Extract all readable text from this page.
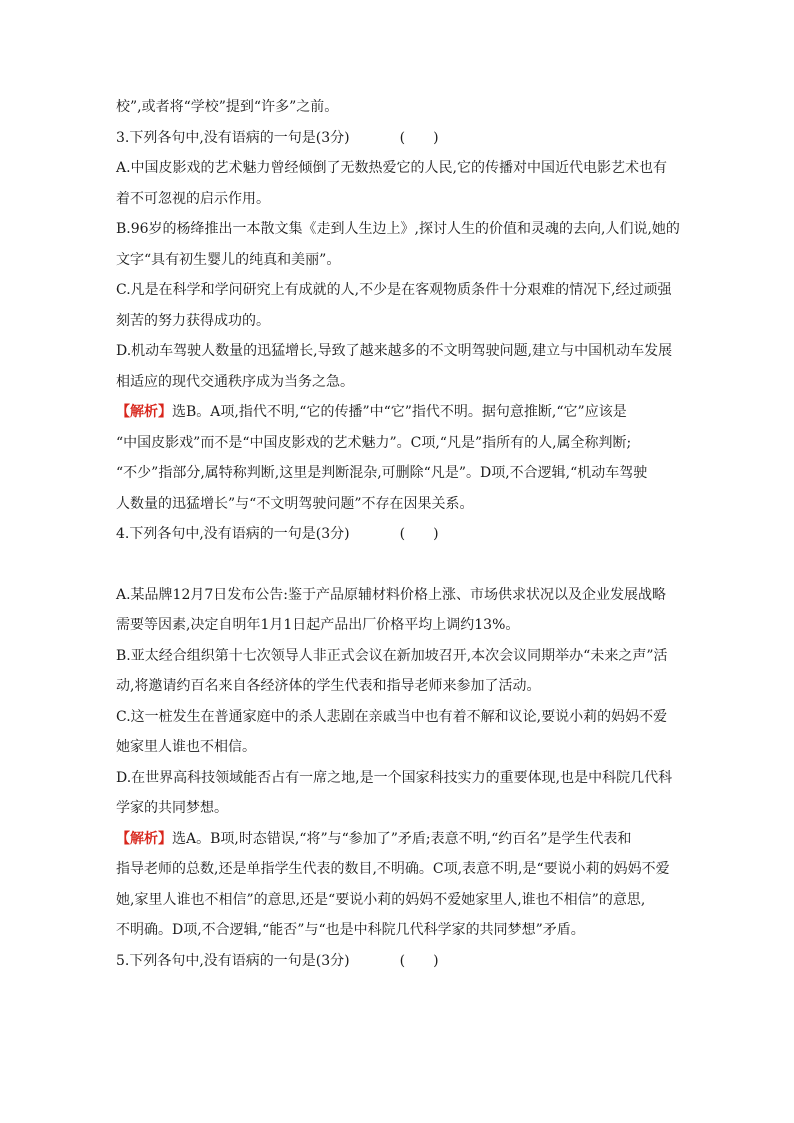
校”,或者将“学校”提到“许多”之前。
3.下列各句中,没有语病的一句是(3分)	(　　)
A.中国皮影戏的艺术魅力曾经倾倒了无数热爱它的人民,它的传播对中国近代电影艺术也有
着不可忽视的启示作用。
B.96岁的杨绛推出一本散文集《走到人生边上》,探讨人生的价值和灵魂的去向,人们说,她的
文字“具有初生婴儿的纯真和美丽”。
C.凡是在科学和学问研究上有成就的人,不少是在客观物质条件十分艰难的情况下,经过顽强
刻苦的努力获得成功的。
D.机动车驾驶人数量的迅猛增长,导致了越来越多的不文明驾驶问题,建立与中国机动车发展
相适应的现代交通秩序成为当务之急。
【解析】选B。A项,指代不明,“它的传播”中“它”指代不明。据句意推断,“它”应该是
“中国皮影戏”而不是“中国皮影戏的艺术魅力”。C项,“凡是”指所有的人,属全称判断;
“不少”指部分,属特称判断,这里是判断混杂,可删除“凡是”。D项,不合逻辑,“机动车驾驶
人数量的迅猛增长”与“不文明驾驶问题”不存在因果关系。
4.下列各句中,没有语病的一句是(3分)	(　　)
A.某品牌12月7日发布公告:鉴于产品原辅材料价格上涨、市场供求状况以及企业发展战略
需要等因素,决定自明年1月1日起产品出厂价格平均上调约13%。
B.亚太经合组织第十七次领导人非正式会议在新加坡召开,本次会议同期举办“未来之声”活
动,将邀请约百名来自各经济体的学生代表和指导老师来参加了活动。
C.这一桩发生在普通家庭中的杀人悲剧在亲戚当中也有着不解和议论,要说小莉的妈妈不爱
她家里人谁也不相信。
D.在世界高科技领域能否占有一席之地,是一个国家科技实力的重要体现,也是中科院几代科
学家的共同梦想。
【解析】选A。B项,时态错误,“将”与“参加了”矛盾;表意不明,“约百名”是学生代表和
指导老师的总数,还是单指学生代表的数目,不明确。C项,表意不明,是“要说小莉的妈妈不爱
她,家里人谁也不相信”的意思,还是“要说小莉的妈妈不爱她家里人,谁也不相信”的意思,
不明确。D项,不合逻辑,“能否”与“也是中科院几代科学家的共同梦想”矛盾。
5.下列各句中,没有语病的一句是(3分)	(　　)
